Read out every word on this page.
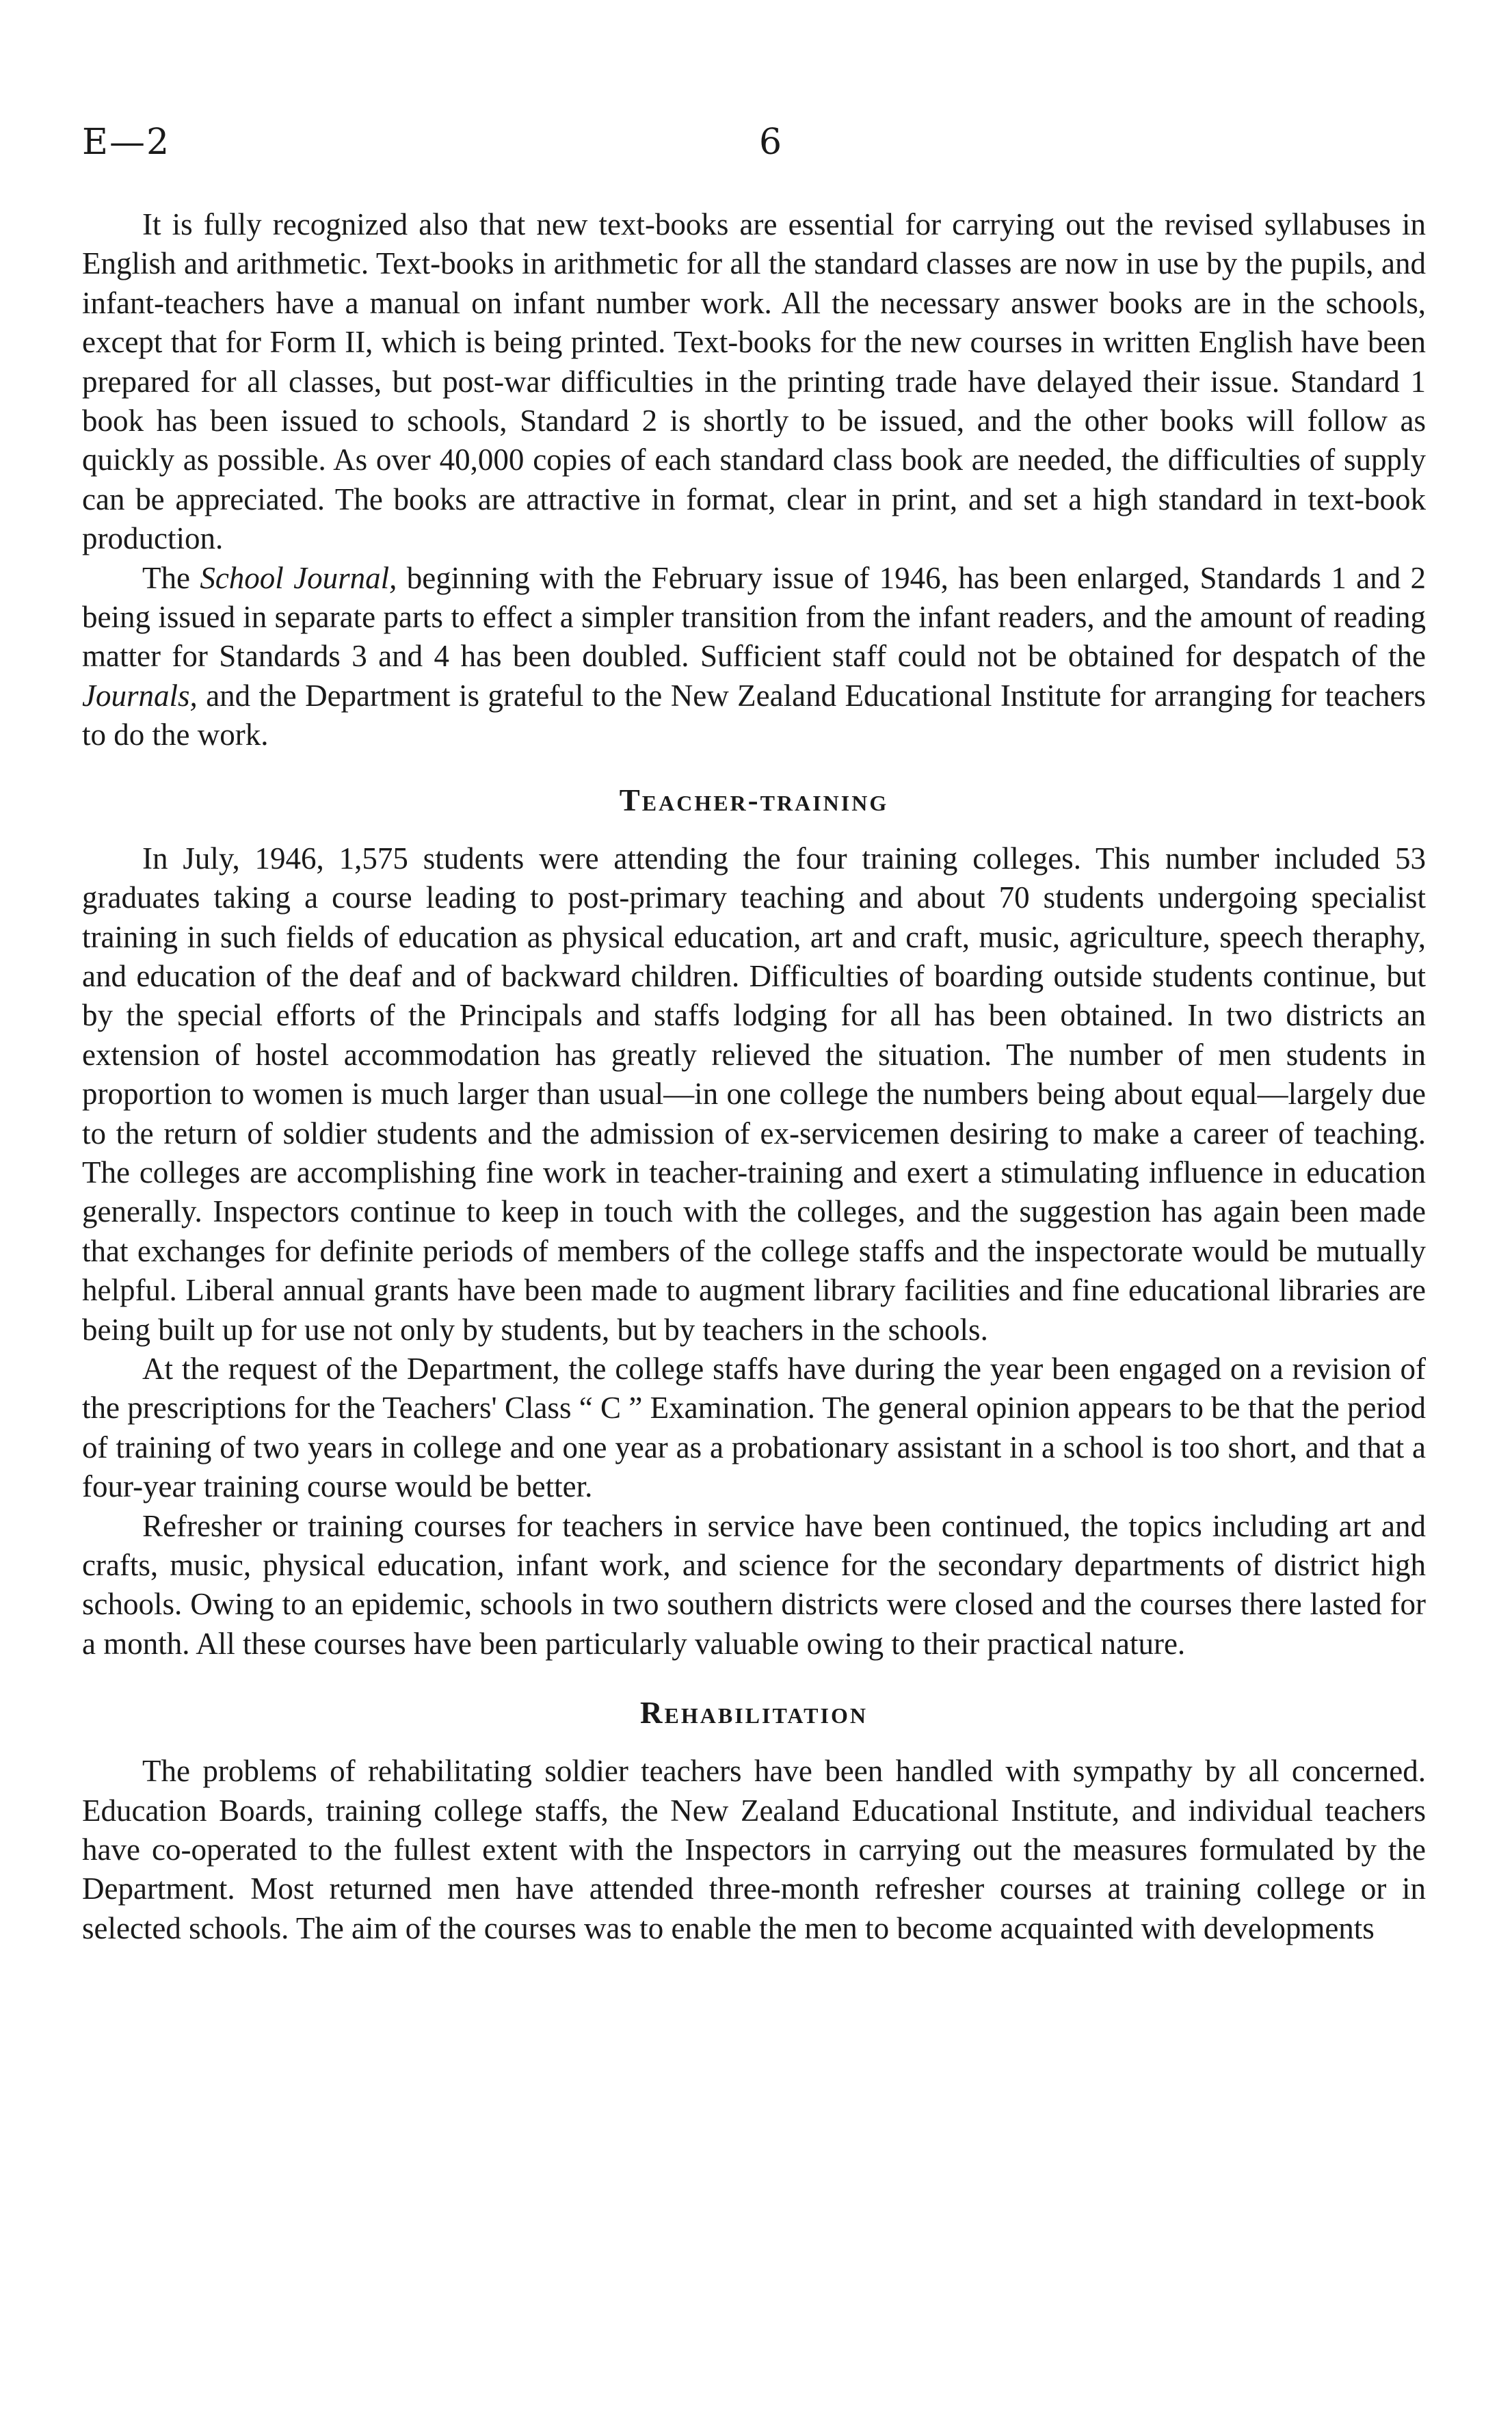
E—2	6

It is fully recognized also that new text-books are essential for carrying out the revised syllabuses in English and arithmetic. Text-books in arithmetic for all the standard classes are now in use by the pupils, and infant-teachers have a manual on infant number work. All the necessary answer books are in the schools, except that for Form II, which is being printed. Text-books for the new courses in written English have been prepared for all classes, but post-war difficulties in the printing trade have delayed their issue. Standard 1 book has been issued to schools, Standard 2 is shortly to be issued, and the other books will follow as quickly as possible. As over 40,000 copies of each standard class book are needed, the difficulties of supply can be appreciated. The books are attractive in format, clear in print, and set a high standard in text-book production.

The School Journal, beginning with the February issue of 1946, has been enlarged, Standards 1 and 2 being issued in separate parts to effect a simpler transition from the infant readers, and the amount of reading matter for Standards 3 and 4 has been doubled. Sufficient staff could not be obtained for despatch of the Journals, and the Department is grateful to the New Zealand Educational Institute for arranging for teachers to do the work.

Teacher-training

In July, 1946, 1,575 students were attending the four training colleges. This number included 53 graduates taking a course leading to post-primary teaching and about 70 students undergoing specialist training in such fields of education as physical education, art and craft, music, agriculture, speech theraphy, and education of the deaf and of backward children. Difficulties of boarding outside students continue, but by the special efforts of the Principals and staffs lodging for all has been obtained. In two districts an extension of hostel accommodation has greatly relieved the situation. The number of men students in proportion to women is much larger than usual—in one college the numbers being about equal—largely due to the return of soldier students and the admission of ex-servicemen desiring to make a career of teaching. The colleges are accomplishing fine work in teacher-training and exert a stimulating influence in education generally. Inspectors continue to keep in touch with the colleges, and the suggestion has again been made that exchanges for definite periods of members of the college staffs and the inspectorate would be mutually helpful. Liberal annual grants have been made to augment library facilities and fine educational libraries are being built up for use not only by students, but by teachers in the schools.

At the request of the Department, the college staffs have during the year been engaged on a revision of the prescriptions for the Teachers' Class “ C ” Examination. The general opinion appears to be that the period of training of two years in college and one year as a probationary assistant in a school is too short, and that a four-year training course would be better.

Refresher or training courses for teachers in service have been continued, the topics including art and crafts, music, physical education, infant work, and science for the secondary departments of district high schools. Owing to an epidemic, schools in two southern districts were closed and the courses there lasted for a month. All these courses have been particularly valuable owing to their practical nature.

Rehabilitation

The problems of rehabilitating soldier teachers have been handled with sympathy by all concerned. Education Boards, training college staffs, the New Zealand Educational Institute, and individual teachers have co-operated to the fullest extent with the Inspectors in carrying out the measures formulated by the Department. Most returned men have attended three-month refresher courses at training college or in selected schools. The aim of the courses was to enable the men to become acquainted with developments
